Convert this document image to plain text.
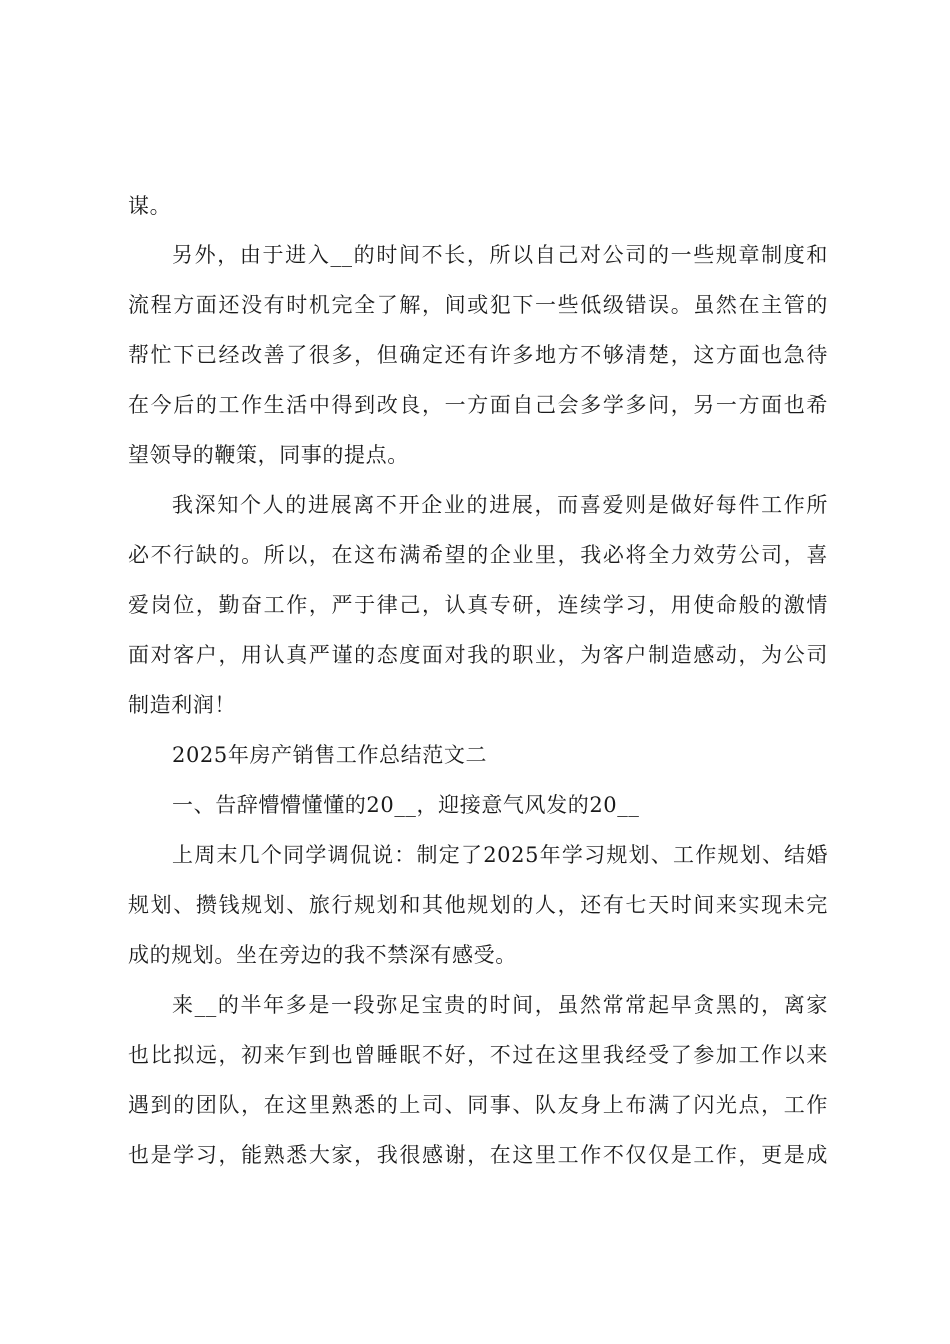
谋。
另外，由于进入__的时间不长，所以自己对公司的一些规章制度和
流程方面还没有时机完全了解，间或犯下一些低级错误。虽然在主管的
帮忙下已经改善了很多，但确定还有许多地方不够清楚，这方面也急待
在今后的工作生活中得到改良，一方面自己会多学多问，另一方面也希
望领导的鞭策，同事的提点。
我深知个人的进展离不开企业的进展，而喜爱则是做好每件工作所
必不行缺的。所以，在这布满希望的企业里，我必将全力效劳公司，喜
爱岗位，勤奋工作，严于律己，认真专研，连续学习，用使命般的激情
面对客户，用认真严谨的态度面对我的职业，为客户制造感动，为公司
制造利润！
2025年房产销售工作总结范文二
一、告辞懵懵懂懂的20__，迎接意气风发的20__
上周末几个同学调侃说：制定了2025年学习规划、工作规划、结婚
规划、攒钱规划、旅行规划和其他规划的人，还有七天时间来实现未完
成的规划。坐在旁边的我不禁深有感受。
来__的半年多是一段弥足宝贵的时间，虽然常常起早贪黑的，离家
也比拟远，初来乍到也曾睡眠不好，不过在这里我经受了参加工作以来
遇到的团队，在这里熟悉的上司、同事、队友身上布满了闪光点，工作
也是学习，能熟悉大家，我很感谢，在这里工作不仅仅是工作，更是成
